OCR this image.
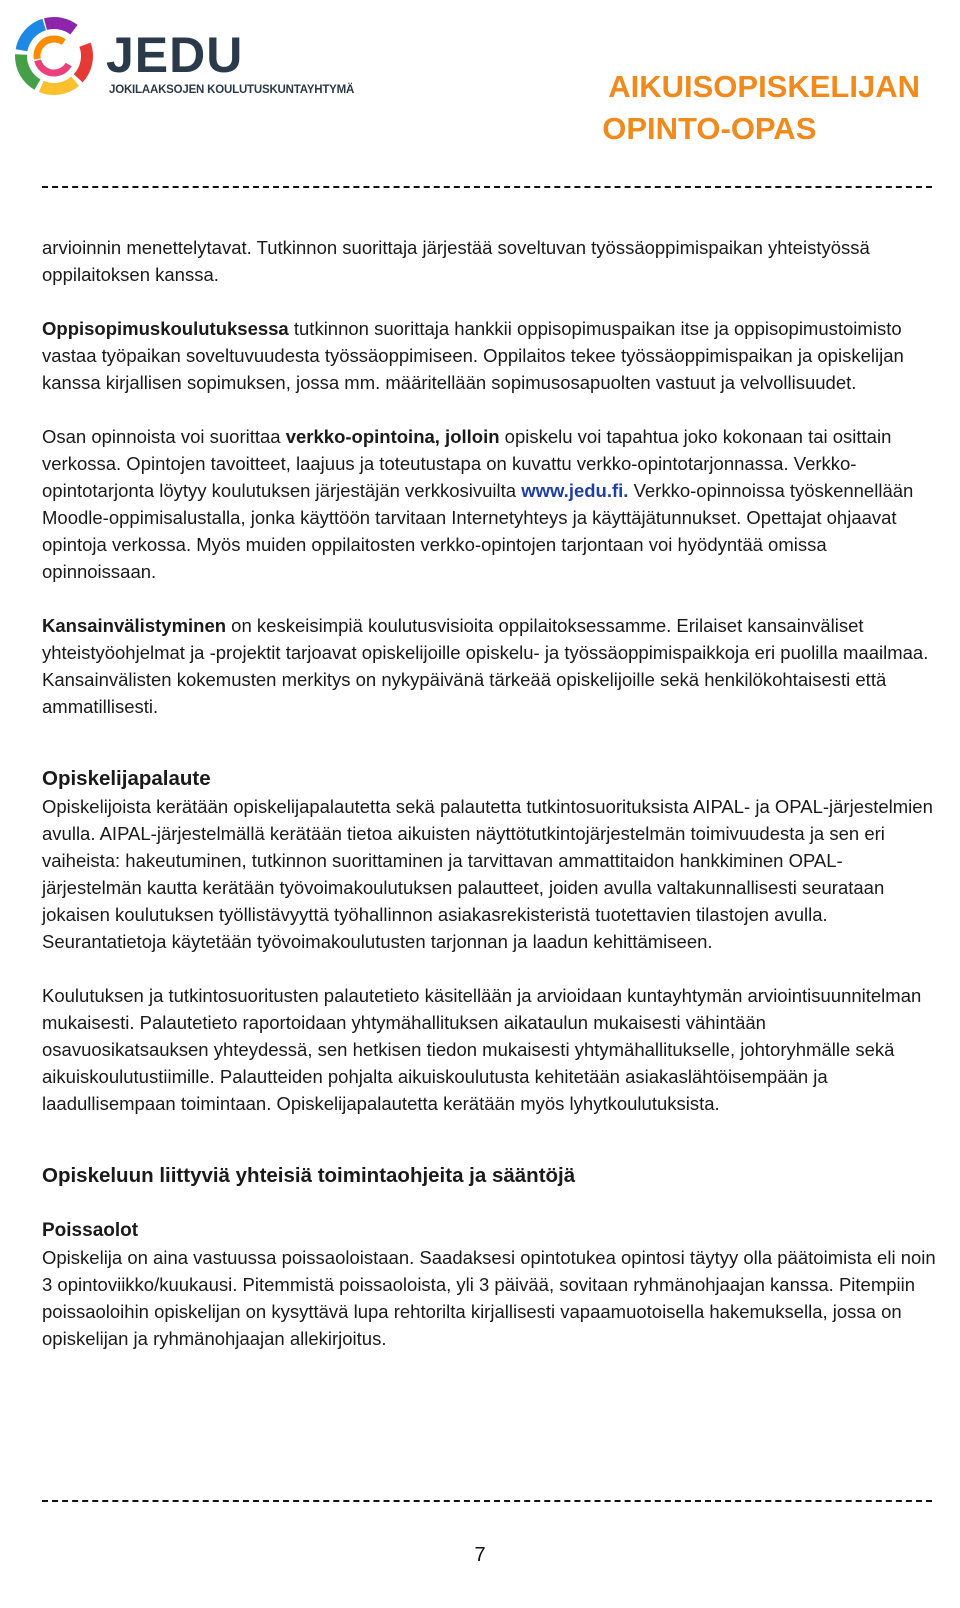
JEDU
JOKILAAKSOJEN KOULUTUSKUNTAYHTYMÄ	AIKUISOPISKELIJAN
OPINTO-OPAS

arvioinnin menettelytavat. Tutkinnon suorittaja järjestää soveltuvan työssäoppimispaikan yhteistyössä oppilaitoksen kanssa.

Oppisopimuskoulutuksessa tutkinnon suorittaja hankkii oppisopimuspaikan itse ja oppisopimustoimisto vastaa työpaikan soveltuvuudesta työssäoppimiseen. Oppilaitos tekee työssäoppimispaikan ja opiskelijan kanssa kirjallisen sopimuksen, jossa mm. määritellään sopimusosapuolten vastuut ja velvollisuudet.

Osan opinnoista voi suorittaa verkko-opintoina, jolloin opiskelu voi tapahtua joko kokonaan tai osittain verkossa. Opintojen tavoitteet, laajuus ja toteutustapa on kuvattu verkko-opintotarjonnassa. Verkko-opintotarjonta löytyy koulutuksen järjestäjän verkkosivuilta www.jedu.fi. Verkko-opinnoissa työskennellään Moodle-oppimisalustalla, jonka käyttöön tarvitaan Internetyhteys ja käyttäjätunnukset. Opettajat ohjaavat opintoja verkossa. Myös muiden oppilaitosten verkko-opintojen tarjontaan voi hyödyntää omissa opinnoissaan.

Kansainvälistyminen on keskeisimpiä koulutusvisioita oppilaitoksessamme. Erilaiset kansainväliset yhteistyöohjelmat ja -projektit tarjoavat opiskelijoille opiskelu- ja työssäoppimispaikkoja eri puolilla maailmaa. Kansainvälisten kokemusten merkitys on nykypäivänä tärkeää opiskelijoille sekä henkilökohtaisesti että ammatillisesti.

Opiskelijapalaute

Opiskelijoista kerätään opiskelijapalautetta sekä palautetta tutkintosuorituksista AIPAL- ja OPAL-järjestelmien avulla. AIPAL-järjestelmällä kerätään tietoa aikuisten näyttötutkintojärjestelmän toimivuudesta ja sen eri vaiheista: hakeutuminen, tutkinnon suorittaminen ja tarvittavan ammattitaidon hankkiminen OPAL-järjestelmän kautta kerätään työvoimakoulutuksen palautteet, joiden avulla valtakunnallisesti seurataan jokaisen koulutuksen työllistävyyttä työhallinnon asiakasrekisteristä tuotettavien tilastojen avulla. Seurantatietoja käytetään työvoimakoulutusten tarjonnan ja laadun kehittämiseen.

Koulutuksen ja tutkintosuoritusten palautetieto käsitellään ja arvioidaan kuntayhtymän arviointisuunnitelman mukaisesti. Palautetieto raportoidaan yhtymähallituksen aikataulun mukaisesti vähintään osavuosikatsauksen yhteydessä, sen hetkisen tiedon mukaisesti yhtymähallitukselle, johtoryhmälle sekä aikuiskoulutustiimille. Palautteiden pohjalta aikuiskoulutusta kehitetään asiakaslähtöisempään ja laadullisempaan toimintaan. Opiskelijapalautetta kerätään myös lyhytkoulutuksista.

Opiskeluun liittyviä yhteisiä toimintaohjeita ja sääntöjä
Poissaolot

Opiskelija on aina vastuussa poissaoloistaan. Saadaksesi opintotukea opintosi täytyy olla päätoimista eli noin 3 opintoviikko/kuukausi. Pitemmistä poissaoloista, yli 3 päivää, sovitaan ryhmänohjaajan kanssa. Pitempiin poissaoloihin opiskelijan on kysyttävä lupa rehtorilta kirjallisesti vapaamuotoisella hakemuksella, jossa on opiskelijan ja ryhmänohjaajan allekirjoitus.

7
